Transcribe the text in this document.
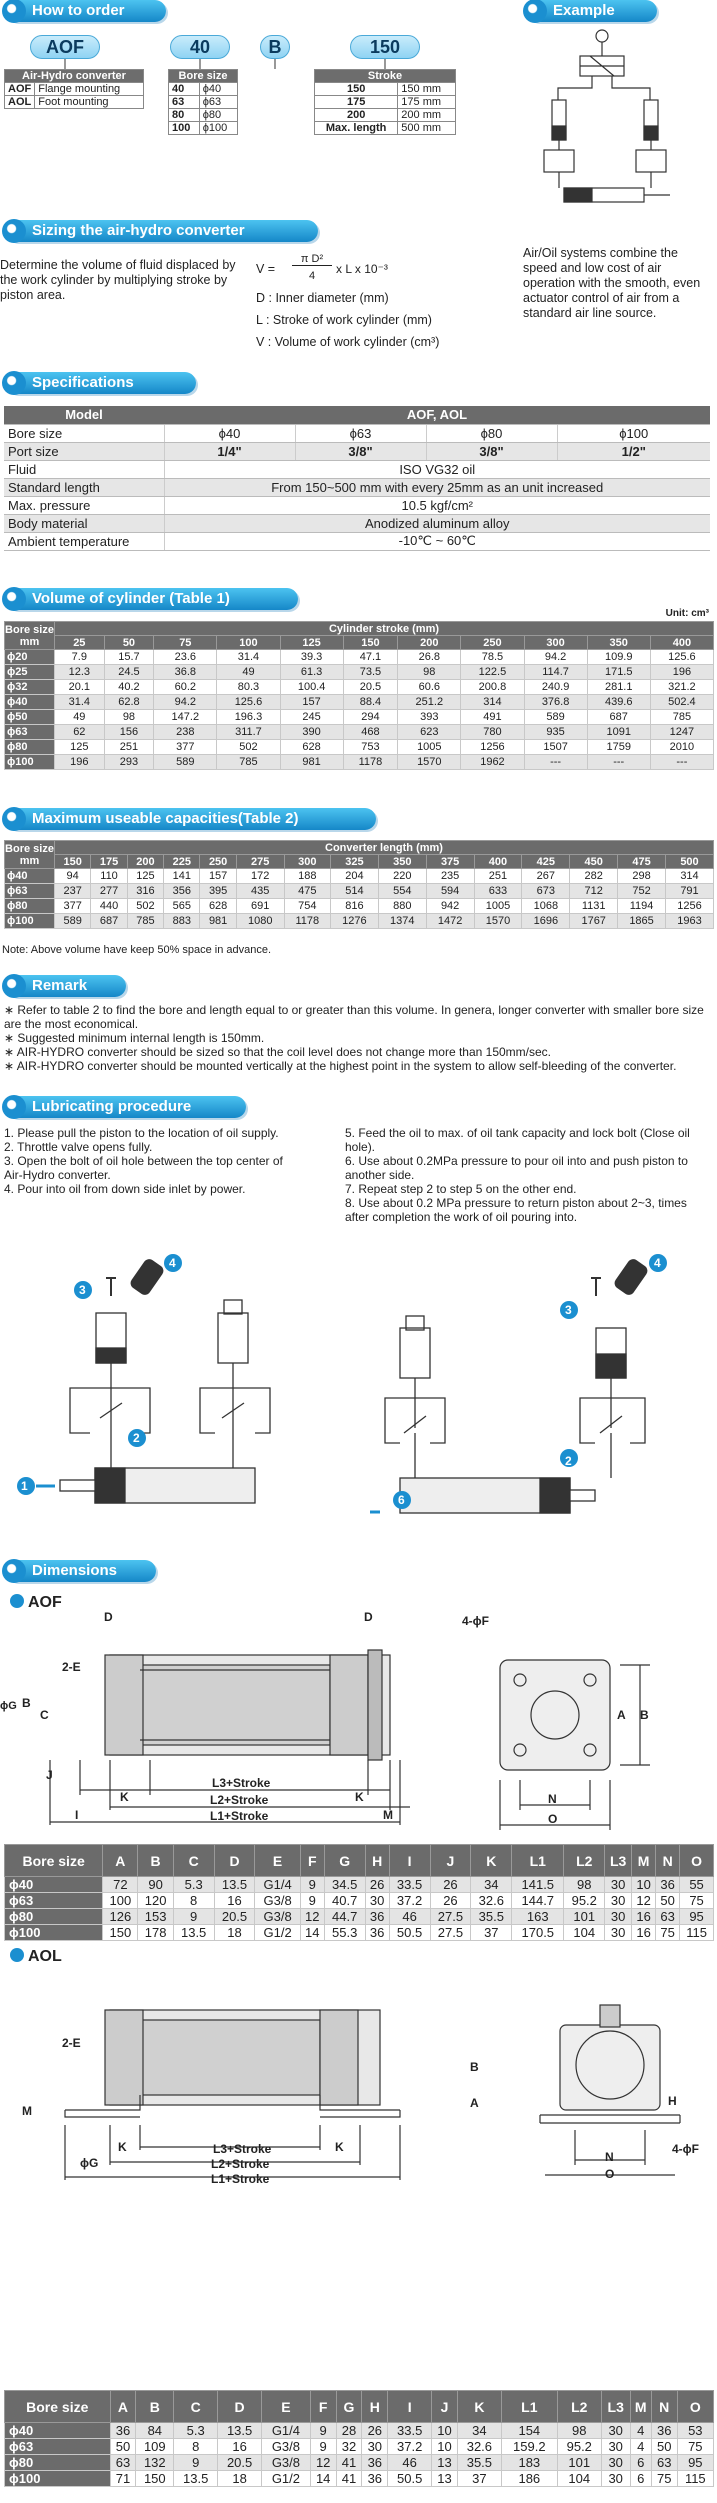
How to order
AOF	40	B	150
Air-Hydro converter	
AOF	Flange mounting
AOL	Foot mounting
Bore size	
40	ϕ40
63	ϕ63
80	ϕ80
100	ϕ100
Stroke	
150	150 mm
175	175 mm
200	200 mm
Max. length	500 mm
Example
Air/Oil systems combine the speed and low cost of air operation with the smooth, even actuator control of air from a standard air line source.
Sizing the air-hydro converter
Determine the volume of fluid displaced by the work cylinder by multiplying stroke by piston area.
V =
π D²
4	x L x 10⁻³
D : Inner diameter (mm)
L : Stroke of work cylinder (mm)
V : Volume of work cylinder (cm³)
Specifications
Model	AOF, AOL			
Bore size	ϕ40	ϕ63	ϕ80	ϕ100
Port size	1/4"	3/8"	3/8"	1/2"
Fluid	ISO VG32 oil			
Standard length	From 150~500 mm with every 25mm as an unit increased			
Max. pressure	10.5 kgf/cm²			
Body material	Anodized aluminum alloy			
Ambient temperature	-10℃ ~ 60℃			
Volume of cylinder (Table 1)
Unit: cm³
Bore size mm	Cylinder stroke (mm)										
	25	50	75	100	125	150	200	250	300	350	400
ϕ20	7.9	15.7	23.6	31.4	39.3	47.1	26.8	78.5	94.2	109.9	125.6
ϕ25	12.3	24.5	36.8	49	61.3	73.5	98	122.5	114.7	171.5	196
ϕ32	20.1	40.2	60.2	80.3	100.4	20.5	60.6	200.8	240.9	281.1	321.2
ϕ40	31.4	62.8	94.2	125.6	157	88.4	251.2	314	376.8	439.6	502.4
ϕ50	49	98	147.2	196.3	245	294	393	491	589	687	785
ϕ63	62	156	238	311.7	390	468	623	780	935	1091	1247
ϕ80	125	251	377	502	628	753	1005	1256	1507	1759	2010
ϕ100	196	293	589	785	981	1178	1570	1962	---	---	---
Maximum useable capacities(Table 2)
Bore size mm	Converter length (mm)														
	150	175	200	225	250	275	300	325	350	375	400	425	450	475	500
ϕ40	94	110	125	141	157	172	188	204	220	235	251	267	282	298	314
ϕ63	237	277	316	356	395	435	475	514	554	594	633	673	712	752	791
ϕ80	377	440	502	565	628	691	754	816	880	942	1005	1068	1131	1194	1256
ϕ100	589	687	785	883	981	1080	1178	1276	1374	1472	1570	1696	1767	1865	1963
Note: Above volume have keep 50% space in advance.
Remark
∗ Refer to table 2 to find the bore and length equal to or greater than this volume. In genera, longer converter with smaller bore size are the most economical.
∗ Suggested minimum internal length is 150mm.
∗ AIR-HYDRO converter should be sized so that the coil level does not change more than 150mm/sec.
∗ AIR-HYDRO converter should be mounted vertically at the highest point in the system to allow self-bleeding of the converter.
Lubricating procedure
1. Please pull the piston to the location of oil supply.
2. Throttle valve opens fully.
3. Open the bolt of oil hole between the top center of Air-Hydro converter.
4. Pour into oil from down side inlet by power.
5. Feed the oil to max. of oil tank capacity and lock bolt (Close oil hole).
6. Use about 0.2MPa pressure to pour oil into and push piston to another side.
7. Repeat step 2 to step 5 on the other end.
8. Use about 0.2 MPa pressure to return piston about 2~3, times after completion the work of oil pouring into.
1
2
3
4
2
3
4
6
Dimensions
AOF
D	D
2-E
ϕG B
C
J
K	K
I	M
L3+Stroke
L2+Stroke
L1+Stroke
4-ϕF
A B
N
O
Bore size	A	B	C	D	E	F	G	H	I	J	K	L1	L2	L3	M	N	O
ϕ40	72	90	5.3	13.5	G1/4	9	34.5	26	33.5	26	34	141.5	98	30	10	36	55
ϕ63	100	120	8	16	G3/8	9	40.7	30	37.2	26	32.6	144.7	95.2	30	12	50	75
ϕ80	126	153	9	20.5	G3/8	12	44.7	36	46	27.5	35.5	163	101	30	16	63	95
ϕ100	150	178	13.5	18	G1/2	14	55.3	36	50.5	27.5	37	170.5	104	30	16	75	115
AOL
2-E
M
B
A
L3+Stroke
L2+Stroke
L1+Stroke
K	K
ϕG
H
N
O
4-ϕF
Bore size	A	B	C	D	E	F	G	H	I	J	K	L1	L2	L3	M	N	O
ϕ40	36	84	5.3	13.5	G1/4	9	28	26	33.5	10	34	154	98	30	4	36	53
ϕ63	50	109	8	16	G3/8	9	32	30	37.2	10	32.6	159.2	95.2	30	4	50	75
ϕ80	63	132	9	20.5	G3/8	12	41	36	46	13	35.5	183	101	30	6	63	95
ϕ100	71	150	13.5	18	G1/2	14	41	36	50.5	13	37	186	104	30	6	75	115
